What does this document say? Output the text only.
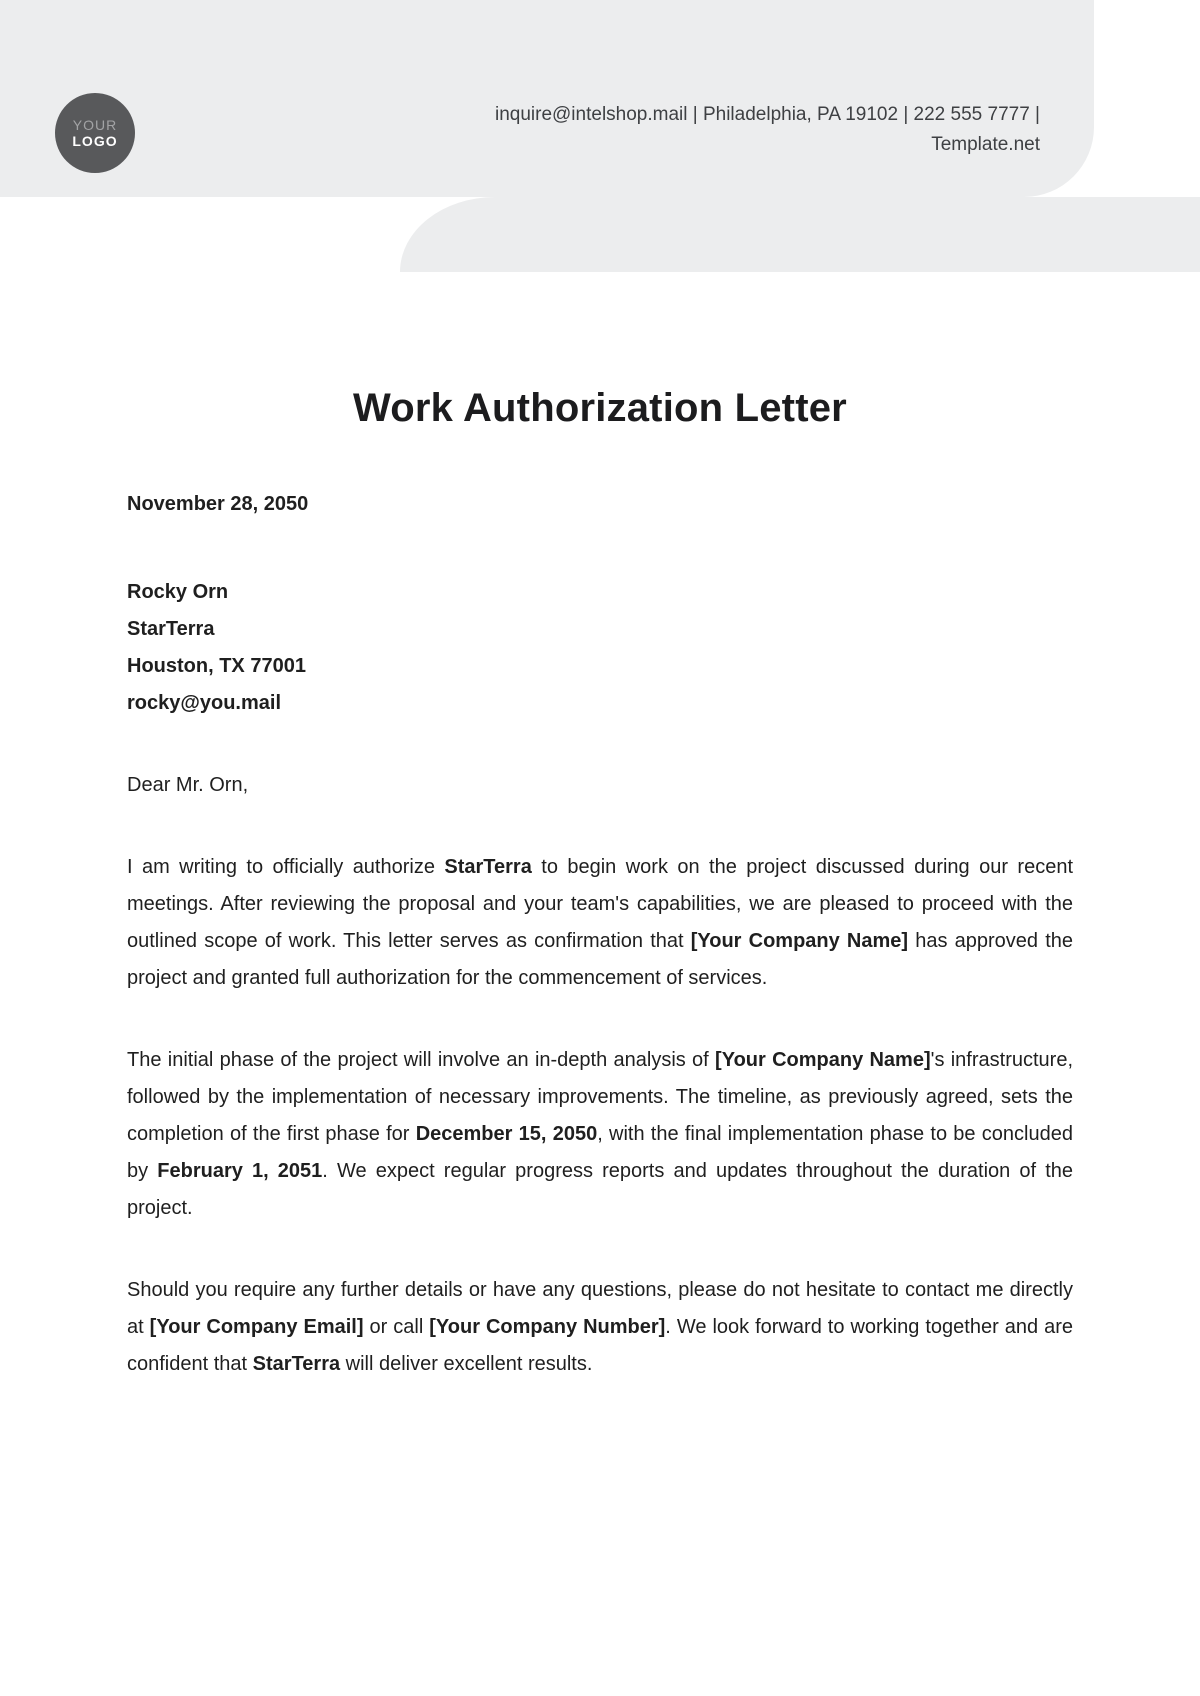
YOUR
LOGO
inquire@intelshop.mail | Philadelphia, PA 19102 | 222 555 7777 |
Template.net
Work Authorization Letter
November 28, 2050
Rocky Orn
StarTerra
Houston, TX 77001
rocky@you.mail

Dear Mr. Orn,

I am writing to officially authorize StarTerra to begin work on the project discussed during our recent meetings. After reviewing the proposal and your team's capabilities, we are pleased to proceed with the outlined scope of work. This letter serves as confirmation that [Your Company Name] has approved the project and granted full authorization for the commencement of services.

The initial phase of the project will involve an in-depth analysis of [Your Company Name]'s infrastructure, followed by the implementation of necessary improvements. The timeline, as previously agreed, sets the completion of the first phase for December 15, 2050, with the final implementation phase to be concluded by February 1, 2051. We expect regular progress reports and updates throughout the duration of the project.

Should you require any further details or have any questions, please do not hesitate to contact me directly at [Your Company Email] or call [Your Company Number]. We look forward to working together and are confident that StarTerra will deliver excellent results.
